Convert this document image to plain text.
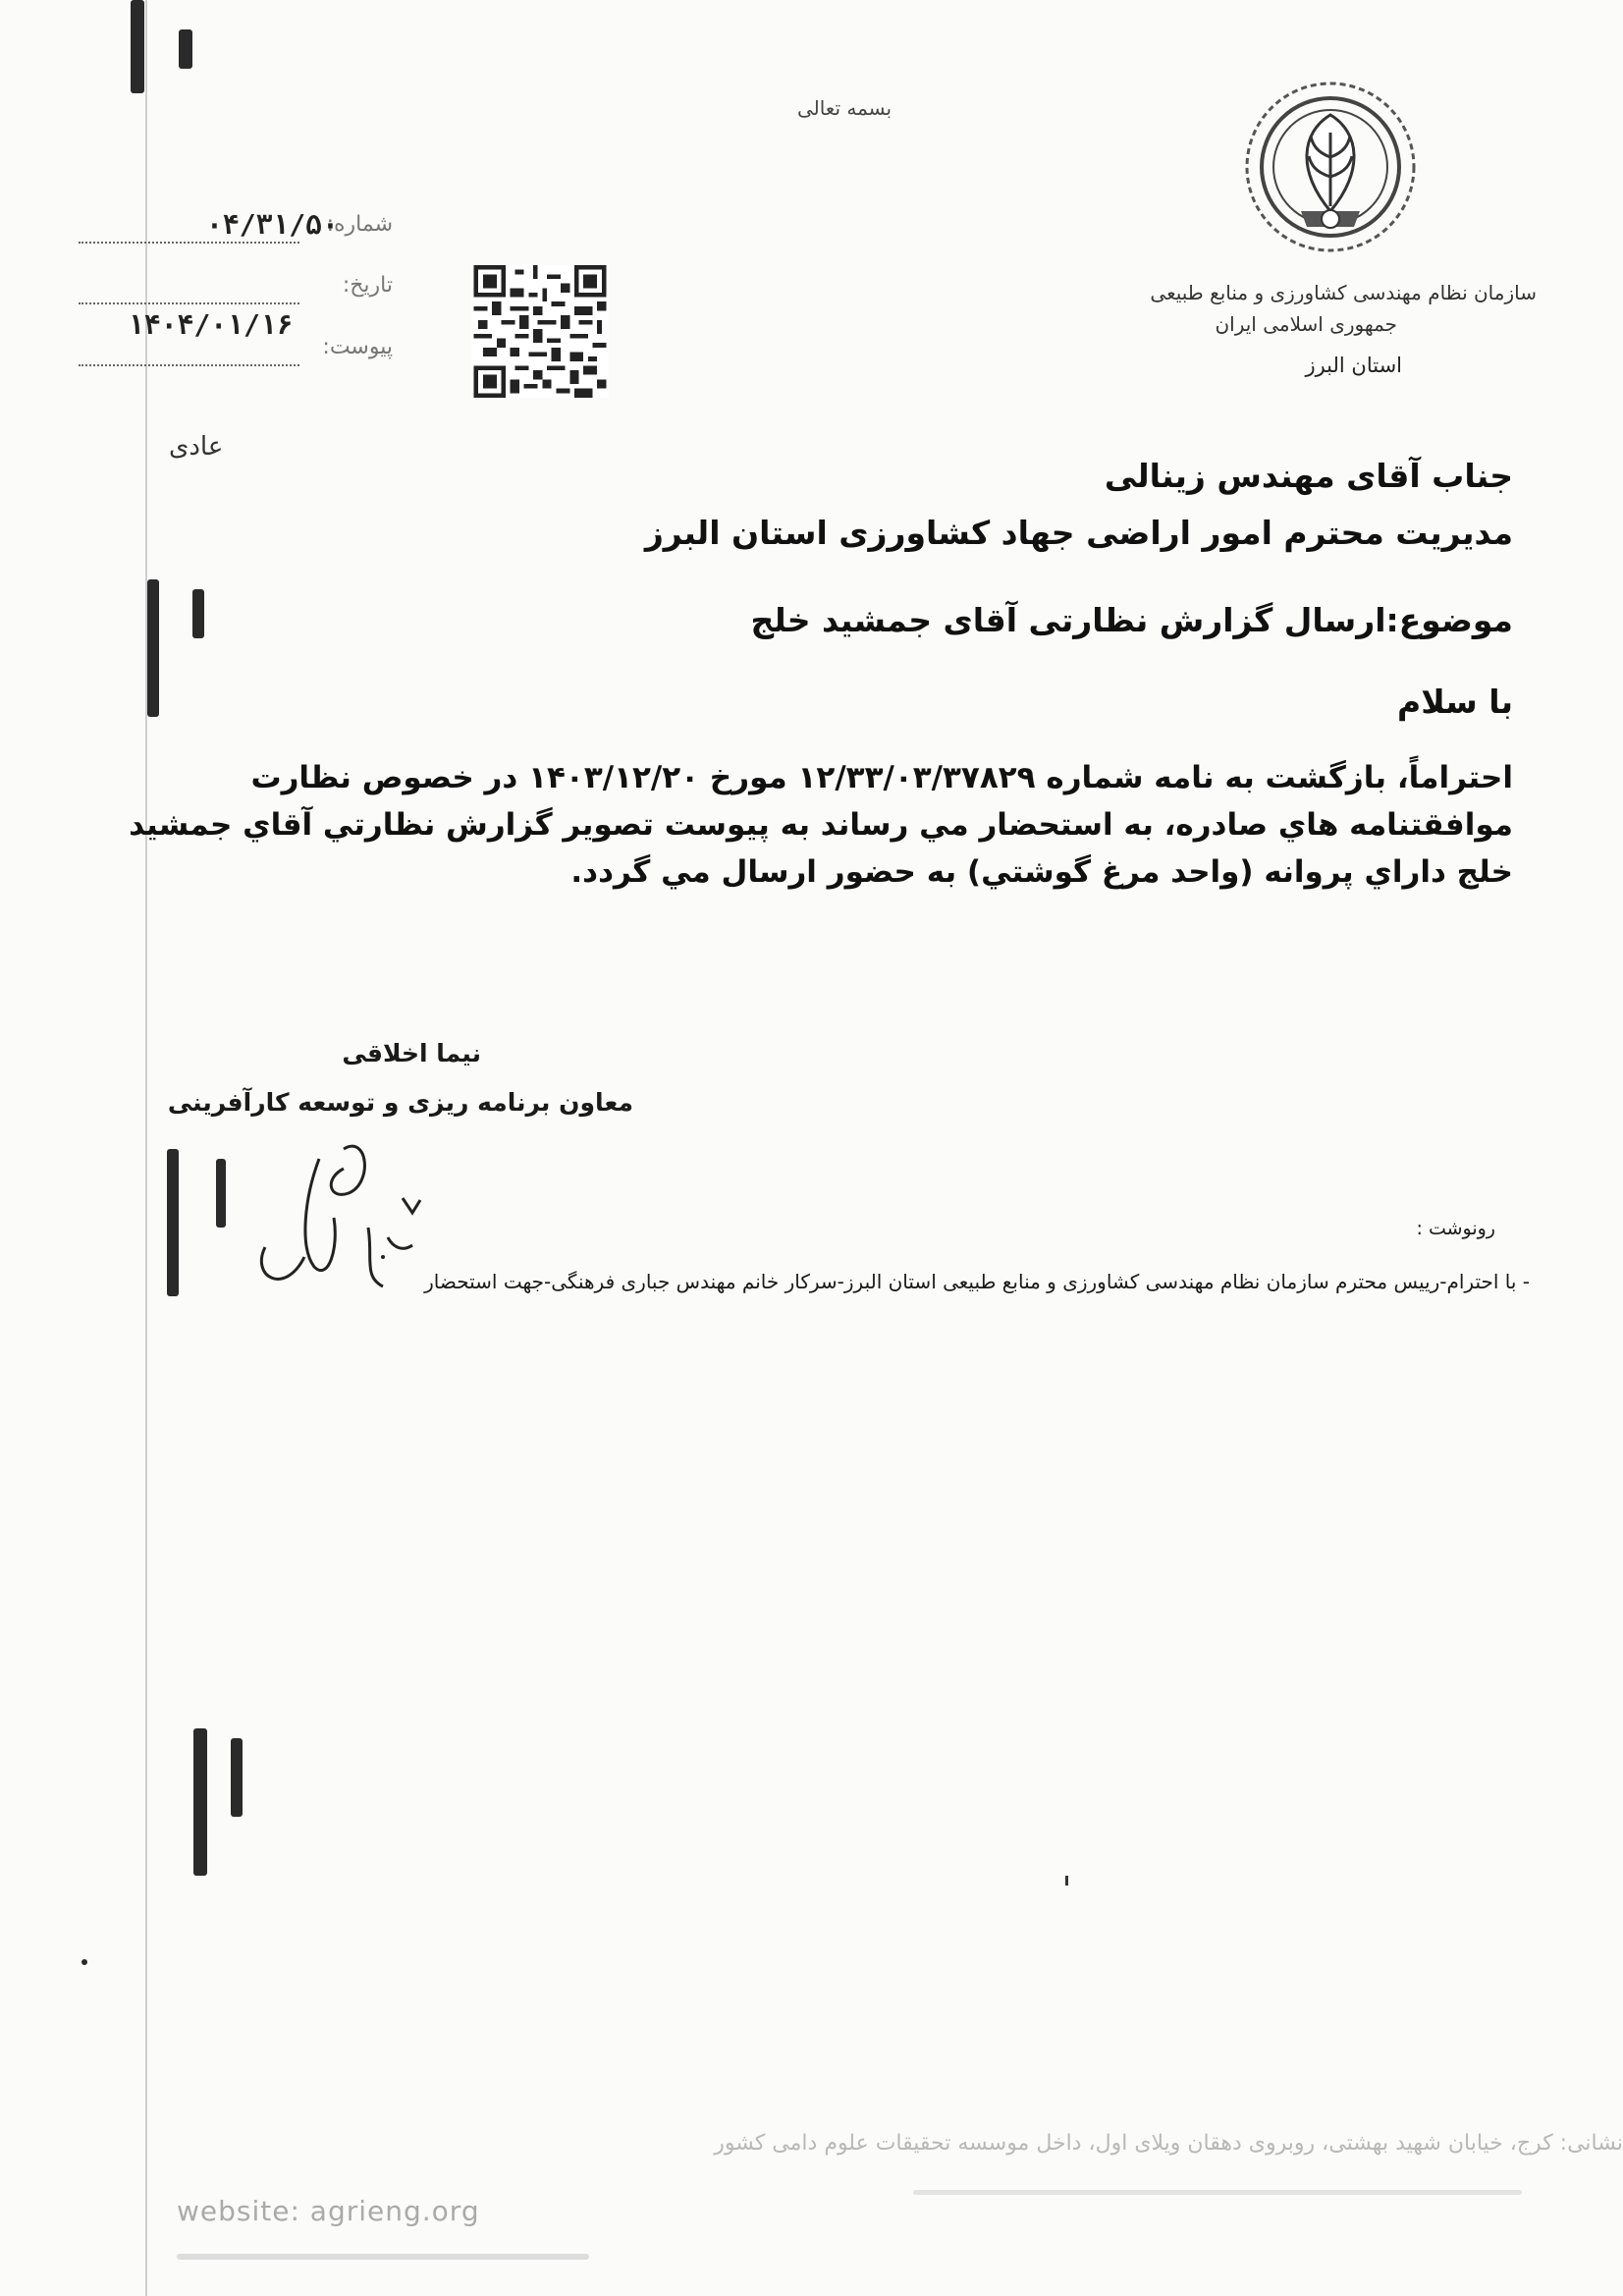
بسمه تعالی
سازمان نظام مهندسی کشاورزی و منابع طبیعی
جمهوری اسلامی ایران
استان البرز
شماره:
۰۴/۳۱/۵۰
تاریخ:
۱۴۰۴/۰۱/۱۶
پیوست:
عادی
جناب آقای مهندس زینالی
مدیریت محترم امور اراضی جهاد کشاورزی استان البرز
موضوع:ارسال گزارش نظارتی آقای جمشید خلج
با سلام
احتراماً، بازگشت به نامه شماره ۱۲/۳۳/۰۳/۳۷۸۲۹ مورخ ۱۴۰۳/۱۲/۲۰ در خصوص نظارت موافقتنامه هاي صادره، به استحضار مي رساند به پیوست تصویر گزارش نظارتي آقاي جمشید خلج داراي پروانه (واحد مرغ گوشتي) به حضور ارسال مي گردد.
نیما اخلاقی
معاون برنامه ریزی و توسعه کارآفرینی
رونوشت :
- با احترام-رییس محترم سازمان نظام مهندسی کشاورزی و منابع طبیعی استان البرز-سرکار خانم مهندس جباری فرهنگی-جهت استحضار
website: agrieng.org
نشانی: کرج، خیابان شهید بهشتی، روبروی دهقان ویلای اول، داخل موسسه تحقیقات علوم دامی کشور
